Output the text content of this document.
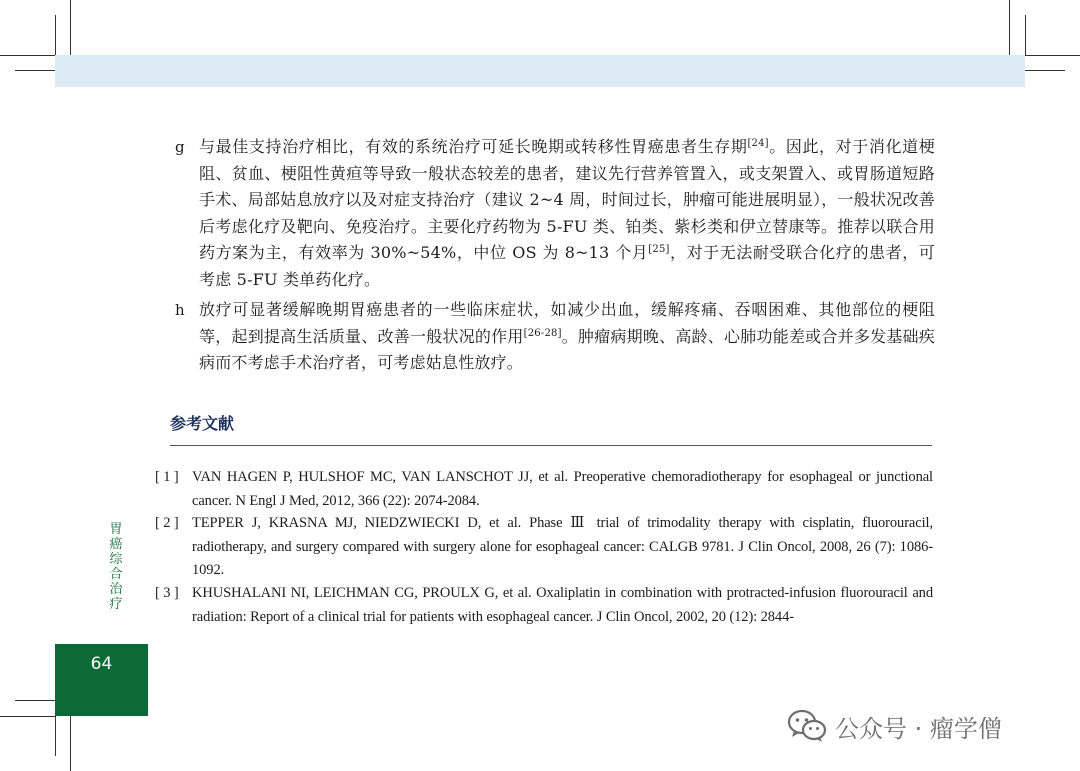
g 与最佳支持治疗相比，有效的系统治疗可延长晚期或转移性胃癌患者生存期[24]。因此，对于消化道梗阻、贫血、梗阻性黄疸等导致一般状态较差的患者，建议先行营养管置入，或支架置入、或胃肠道短路手术、局部姑息放疗以及对症支持治疗（建议 2~4 周，时间过长，肿瘤可能进展明显），一般状况改善后考虑化疗及靶向、免疫治疗。主要化疗药物为 5-FU 类、铂类、紫杉类和伊立替康等。推荐以联合用药方案为主，有效率为 30%~54%，中位 OS 为 8~13 个月[25]，对于无法耐受联合化疗的患者，可考虑 5-FU 类单药化疗。
h 放疗可显著缓解晚期胃癌患者的一些临床症状，如减少出血，缓解疼痛、吞咽困难、其他部位的梗阻等，起到提高生活质量、改善一般状况的作用[26-28]。肿瘤病期晚、高龄、心肺功能差或合并多发基础疾病而不考虑手术治疗者，可考虑姑息性放疗。
参考文献
[ 1 ] VAN HAGEN P, HULSHOF MC, VAN LANSCHOT JJ, et al. Preoperative chemoradiotherapy for esophageal or junctional cancer. N Engl J Med, 2012, 366 (22): 2074-2084.
[ 2 ] TEPPER J, KRASNA MJ, NIEDZWIECKI D, et al. Phase Ⅲ trial of trimodality therapy with cisplatin, fluorouracil, radiotherapy, and surgery compared with surgery alone for esophageal cancer: CALGB 9781. J Clin Oncol, 2008, 26 (7): 1086-1092.
[ 3 ] KHUSHALANI NI, LEICHMAN CG, PROULX G, et al. Oxaliplatin in combination with protracted-infusion fluorouracil and radiation: Report of a clinical trial for patients with esophageal cancer. J Clin Oncol, 2002, 20 (12): 2844-
胃癌综合治疗
64
公众号 · 瘤学僧
